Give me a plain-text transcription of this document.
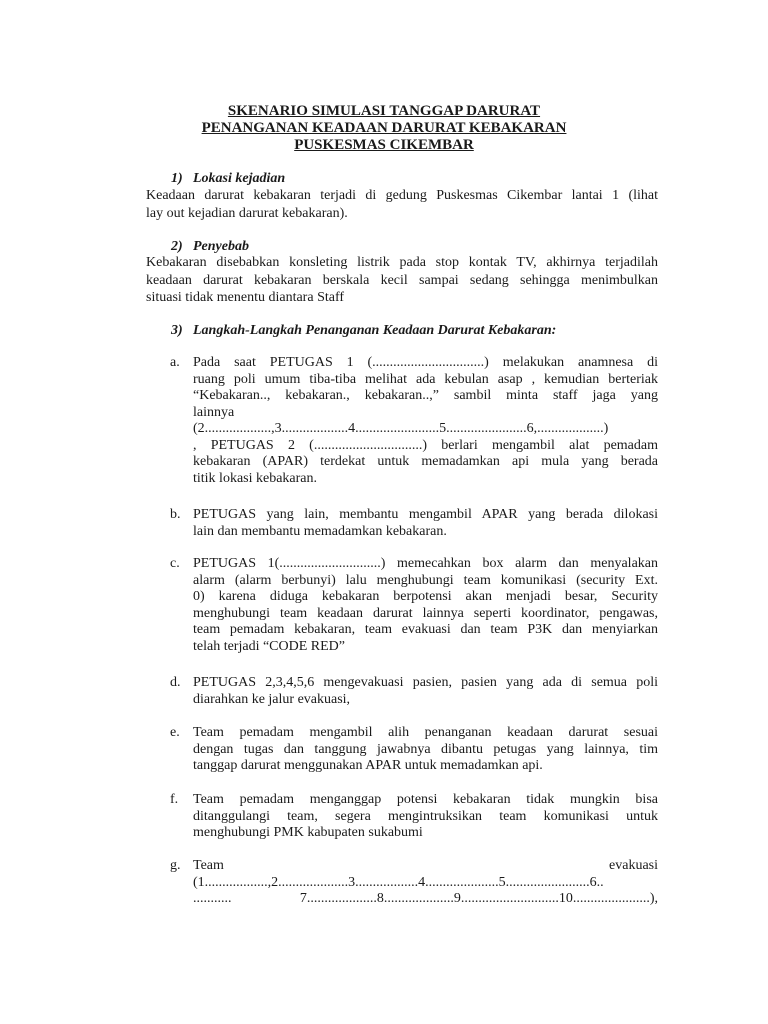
SKENARIO SIMULASI TANGGAP DARURAT
PENANGANAN KEADAAN DARURAT KEBAKARAN
PUSKESMAS CIKEMBAR
1) Lokasi kejadian
Keadaan darurat kebakaran terjadi di gedung Puskesmas Cikembar lantai 1 (lihat
lay out kejadian darurat kebakaran).
2) Penyebab
Kebakaran disebabkan konsleting listrik pada stop kontak TV, akhirnya terjadilah
keadaan darurat kebakaran berskala kecil sampai sedang sehingga menimbulkan
situasi tidak menentu diantara Staff
3) Langkah-Langkah Penanganan Keadaan Darurat Kebakaran:
a. Pada saat PETUGAS 1 (................................) melakukan anamnesa di
ruang poli umum tiba-tiba melihat ada kebulan asap , kemudian berteriak
“Kebakaran.., kebakaran., kebakaran..,” sambil minta staff jaga yang
lainnya
(2...................,3...................4........................5.......................6,...................)
, PETUGAS 2 (...............................) berlari mengambil alat pemadam
kebakaran (APAR) terdekat untuk memadamkan api mula yang berada
titik lokasi kebakaran.
b. PETUGAS yang lain, membantu mengambil APAR yang berada dilokasi
lain dan membantu memadamkan kebakaran.
c. PETUGAS 1(.............................) memecahkan box alarm dan menyalakan
alarm (alarm berbunyi) lalu menghubungi team komunikasi (security Ext.
0) karena diduga kebakaran berpotensi akan menjadi besar, Security
menghubungi team keadaan darurat lainnya seperti koordinator, pengawas,
team pemadam kebakaran, team evakuasi dan team P3K dan menyiarkan
telah terjadi “CODE RED”
d. PETUGAS 2,3,4,5,6 mengevakuasi pasien, pasien yang ada di semua poli
diarahkan ke jalur evakuasi,
e. Team pemadam mengambil alih penanganan keadaan darurat sesuai
dengan tugas dan tanggung jawabnya dibantu petugas yang lainnya, tim
tanggap darurat menggunakan APAR untuk memadamkan api.
f.	Team pemadam menganggap potensi kebakaran tidak mungkin bisa
ditanggulangi team, segera mengintruksikan team komunikasi untuk
menghubungi PMK kabupaten sukabumi
g. Team evakuasi
(1..................,2....................3..................4.....................5........................6..
........... 7....................8....................9............................10......................),
